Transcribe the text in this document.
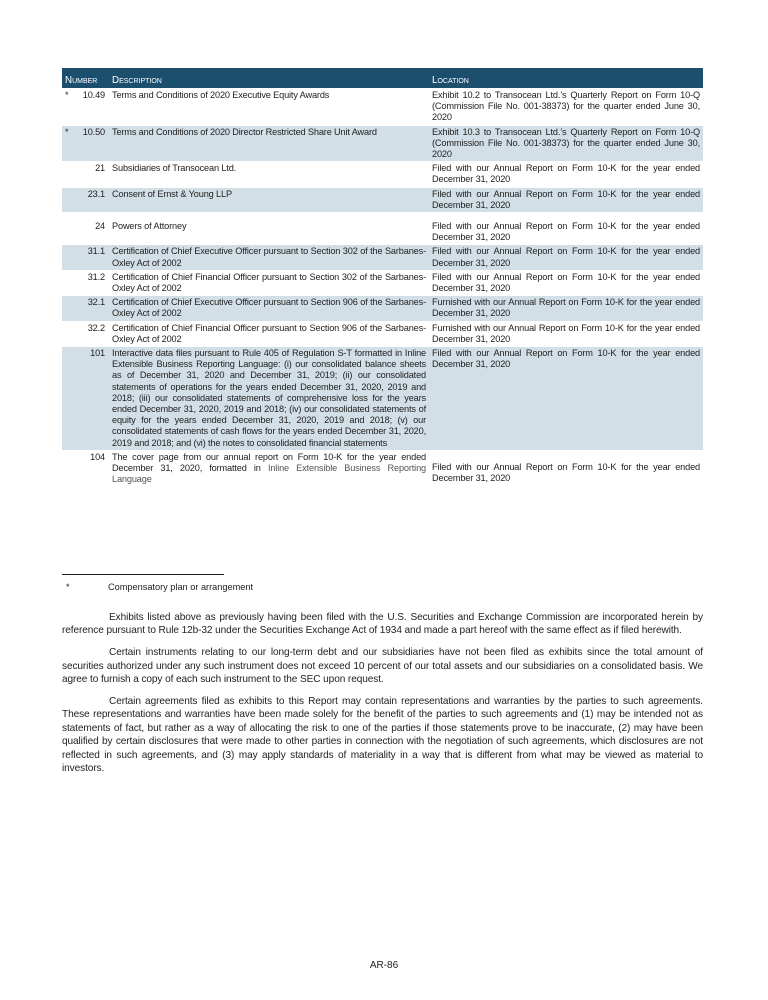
Number	Description	Location

* 10.49	Terms and Conditions of 2020 Executive Equity Awards	Exhibit 10.2 to Transocean Ltd.’s Quarterly Report on Form 10-Q (Commission File No. 001-38373) for the quarter ended June 30, 2020

* 10.50	Terms and Conditions of 2020 Director Restricted Share Unit Award	Exhibit 10.3 to Transocean Ltd.’s Quarterly Report on Form 10-Q (Commission File No. 001-38373) for the quarter ended June 30, 2020
21	Subsidiaries of Transocean Ltd.	Filed with our Annual Report on Form 10-K for the year ended December 31, 2020
23.1	Consent of Ernst & Young LLP	Filed with our Annual Report on Form 10-K for the year ended December 31, 2020
24	Powers of Attorney	Filed with our Annual Report on Form 10-K for the year ended December 31, 2020
31.1	Certification of Chief Executive Officer pursuant to Section 302 of the Sarbanes-Oxley Act of 2002	Filed with our Annual Report on Form 10-K for the year ended December 31, 2020
31.2	Certification of Chief Financial Officer pursuant to Section 302 of the Sarbanes-Oxley Act of 2002	Filed with our Annual Report on Form 10-K for the year ended December 31, 2020
32.1	Certification of Chief Executive Officer pursuant to Section 906 of the Sarbanes-Oxley Act of 2002	Furnished with our Annual Report on Form 10-K for the year ended December 31, 2020
32.2	Certification of Chief Financial Officer pursuant to Section 906 of the Sarbanes-Oxley Act of 2002	Furnished with our Annual Report on Form 10-K for the year ended December 31, 2020
101	Interactive data files pursuant to Rule 405 of Regulation S-T formatted in Inline Extensible Business Reporting Language: (i) our consolidated balance sheets as of December 31, 2020 and December 31, 2019; (ii) our consolidated statements of operations for the years ended December 31, 2020, 2019 and 2018; (iii) our consolidated statements of comprehensive loss for the years ended December 31, 2020, 2019 and 2018; (iv) our consolidated statements of equity for the years ended December 31, 2020, 2019 and 2018; (v) our consolidated statements of cash flows for the years ended December 31, 2020, 2019 and 2018; and (vi) the notes to consolidated financial statements	Filed with our Annual Report on Form 10-K for the year ended December 31, 2020
104	The cover page from our annual report on Form 10-K for the year ended December 31, 2020, formatted in Inline Extensible Business Reporting Language	Filed with our Annual Report on Form 10-K for the year ended December 31, 2020
*	Compensatory plan or arrangement

Exhibits listed above as previously having been filed with the U.S. Securities and Exchange Commission are incorporated herein by reference pursuant to Rule 12b-32 under the Securities Exchange Act of 1934 and made a part hereof with the same effect as if filed herewith.

Certain instruments relating to our long-term debt and our subsidiaries have not been filed as exhibits since the total amount of securities authorized under any such instrument does not exceed 10 percent of our total assets and our subsidiaries on a consolidated basis. We agree to furnish a copy of each such instrument to the SEC upon request.

Certain agreements filed as exhibits to this Report may contain representations and warranties by the parties to such agreements. These representations and warranties have been made solely for the benefit of the parties to such agreements and (1) may be intended not as statements of fact, but rather as a way of allocating the risk to one of the parties if those statements prove to be inaccurate, (2) may have been qualified by certain disclosures that were made to other parties in connection with the negotiation of such agreements, which disclosures are not reflected in such agreements, and (3) may apply standards of materiality in a way that is different from what may be viewed as material to investors.

AR-86
